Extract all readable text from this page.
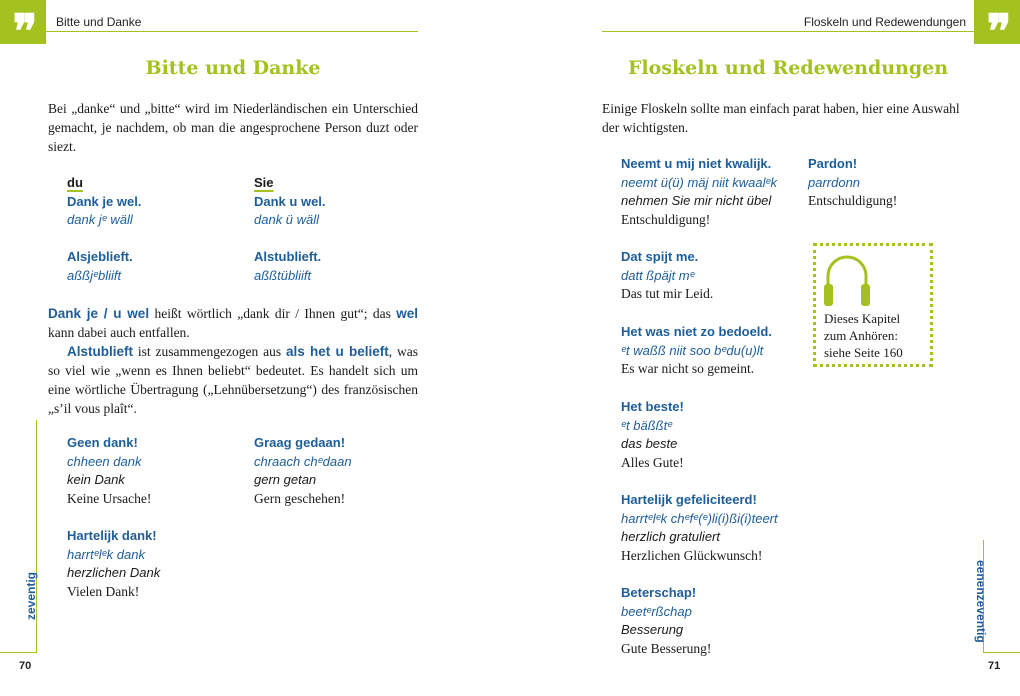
❞	Bitte und Danke
Bitte und Danke
Bei „danke“ und „bitte“ wird im Niederländischen ein Unterschied gemacht, je nachdem, ob man die angesprochene Person duzt oder siezt.
du
Dank je wel.
dank jᵉ wäll

Alsjeblieft.
aßßjᵉbliift
Sie
Dank u wel.
dank ü wäll

Alstublieft.
aßßtübliift
Dank je / u wel heißt wörtlich „dank dir / Ihnen gut“; das wel kann dabei auch entfallen.
Alstublieft ist zusammengezogen aus als het u belieft, was so viel wie „wenn es Ihnen beliebt“ bedeutet. Es handelt sich um eine wörtliche Übertragung („Lehnübersetzung“) des französischen „s’il vous plaît“.
Geen dank!
chheen dank
kein Dank
Keine Ursache!
Graag gedaan!
chraach chᵉdaan
gern getan
Gern geschehen!
Hartelijk dank!
harrtᵉlᵉk dank
herzlichen Dank
Vielen Dank!
zeventig
70
Floskeln und Redewendungen ❞
Floskeln und Redewendungen
Einige Floskeln sollte man einfach parat haben, hier eine Auswahl der wichtigsten.
Neemt u mij niet kwalijk.
neemt ü(ü) mäj niit kwaalᵉk
nehmen Sie mir nicht übel
Entschuldigung!
Dat spijt me.
datt ßpäjt mᵉ
Das tut mir Leid.
Het was niet zo bedoeld.
ᵉt waßß niit soo bᵉdu(u)lt
Es war nicht so gemeint.
Het beste!
ᵉt bäßßtᵉ
das beste
Alles Gute!
Hartelijk gefeliciteerd!
harrtᵉlᵉk chᵉfᵉ(ᵉ)li(i)ßi(i)teert
herzlich gratuliert
Herzlichen Glückwunsch!
Beterschap!
beetᵉrßchap
Besserung
Gute Besserung!
Pardon!
parrdonn
Entschuldigung!
Dieses Kapitel
zum Anhören:
siehe Seite 160
eenenzeventig
71
